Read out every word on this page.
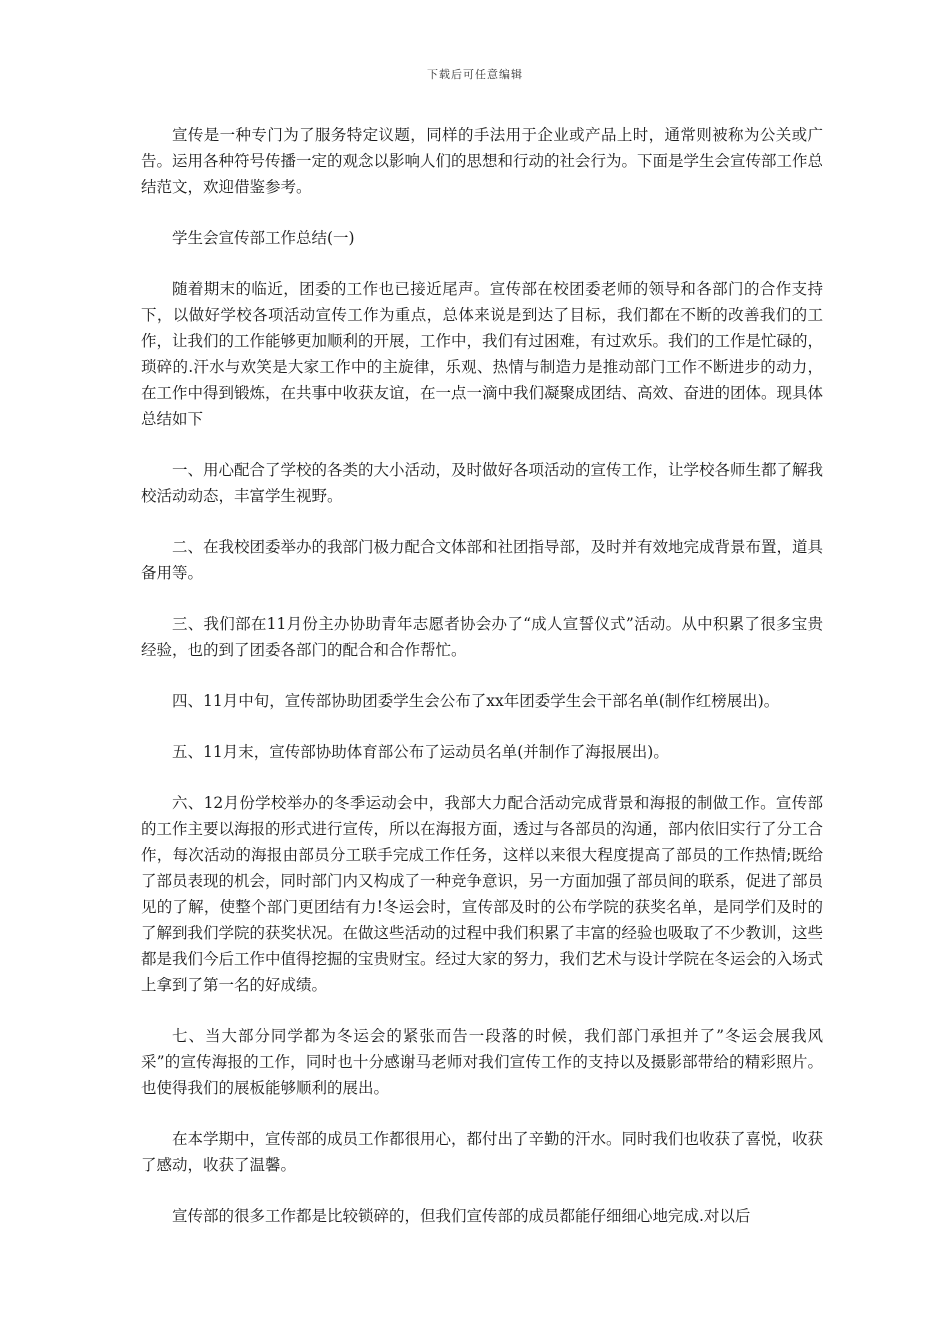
下载后可任意编辑

宣传是一种专门为了服务特定议题，同样的手法用于企业或产品上时，通常则被称为公关或广告。运用各种符号传播一定的观念以影响人们的思想和行动的社会行为。下面是学生会宣传部工作总结范文，欢迎借鉴参考。

学生会宣传部工作总结(一)

随着期末的临近，团委的工作也已接近尾声。宣传部在校团委老师的领导和各部门的合作支持下，以做好学校各项活动宣传工作为重点，总体来说是到达了目标，我们都在不断的改善我们的工作，让我们的工作能够更加顺利的开展，工作中，我们有过困难，有过欢乐。我们的工作是忙碌的，琐碎的.汗水与欢笑是大家工作中的主旋律，乐观、热情与制造力是推动部门工作不断进步的动力，在工作中得到锻炼，在共事中收获友谊，在一点一滴中我们凝聚成团结、高效、奋进的团体。现具体总结如下

一、用心配合了学校的各类的大小活动，及时做好各项活动的宣传工作，让学校各师生都了解我校活动动态，丰富学生视野。

二、在我校团委举办的我部门极力配合文体部和社团指导部，及时并有效地完成背景布置，道具备用等。

三、我们部在11月份主办协助青年志愿者协会办了“成人宣誓仪式”活动。从中积累了很多宝贵经验，也的到了团委各部门的配合和合作帮忙。

四、11月中旬，宣传部协助团委学生会公布了xx年团委学生会干部名单(制作红榜展出)。

五、11月末，宣传部协助体育部公布了运动员名单(并制作了海报展出)。

六、12月份学校举办的冬季运动会中，我部大力配合活动完成背景和海报的制做工作。宣传部的工作主要以海报的形式进行宣传，所以在海报方面，透过与各部员的沟通，部内依旧实行了分工合作，每次活动的海报由部员分工联手完成工作任务，这样以来很大程度提高了部员的工作热情;既给了部员表现的机会，同时部门内又构成了一种竞争意识，另一方面加强了部员间的联系，促进了部员见的了解，使整个部门更团结有力!冬运会时，宣传部及时的公布学院的获奖名单，是同学们及时的了解到我们学院的获奖状况。在做这些活动的过程中我们积累了丰富的经验也吸取了不少教训，这些都是我们今后工作中值得挖掘的宝贵财宝。经过大家的努力，我们艺术与设计学院在冬运会的入场式上拿到了第一名的好成绩。

七、当大部分同学都为冬运会的紧张而告一段落的时候，我们部门承担并了”冬运会展我风采”的宣传海报的工作，同时也十分感谢马老师对我们宣传工作的支持以及摄影部带给的精彩照片。也使得我们的展板能够顺利的展出。

在本学期中，宣传部的成员工作都很用心，都付出了辛勤的汗水。同时我们也收获了喜悦，收获了感动，收获了温馨。

宣传部的很多工作都是比较锁碎的，但我们宣传部的成员都能仔细细心地完成.对以后
